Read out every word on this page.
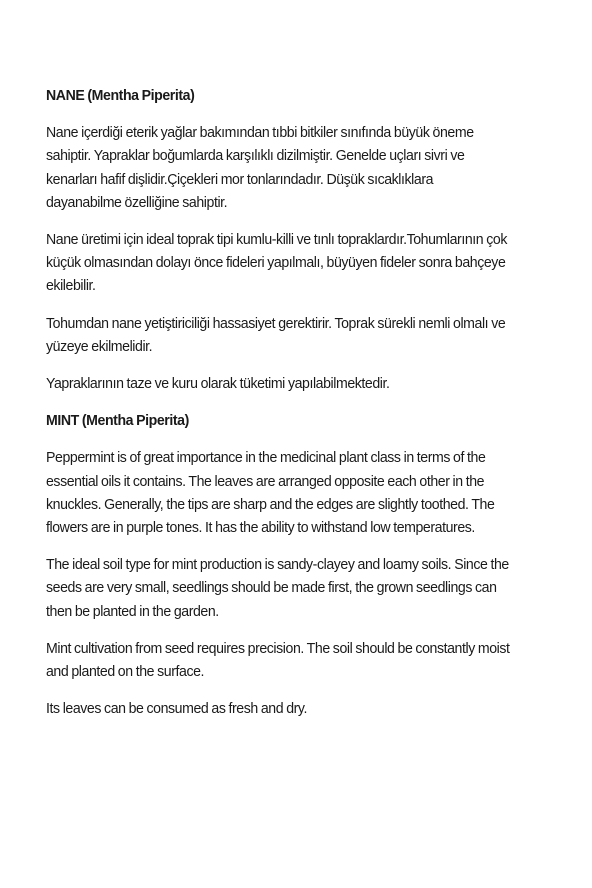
NANE (Mentha Piperita)

Nane içerdiği eterik yağlar bakımından tıbbi bitkiler sınıfında büyük öneme sahiptir. Yapraklar boğumlarda karşılıklı dizilmiştir. Genelde uçları sivri ve kenarları hafif dişlidir.Çiçekleri mor tonlarındadır. Düşük sıcaklıklara dayanabilme özelliğine sahiptir.

Nane üretimi için ideal toprak tipi kumlu-killi ve tınlı topraklardır.Tohumlarının çok küçük olmasından dolayı önce fideleri yapılmalı, büyüyen fideler sonra bahçeye ekilebilir.

Tohumdan nane yetiştiriciliği hassasiyet gerektirir. Toprak sürekli nemli olmalı ve yüzeye ekilmelidir.

Yapraklarının taze ve kuru olarak tüketimi yapılabilmektedir.

MINT (Mentha Piperita)

Peppermint is of great importance in the medicinal plant class in terms of the essential oils it contains. The leaves are arranged opposite each other in the knuckles. Generally, the tips are sharp and the edges are slightly toothed. The flowers are in purple tones. It has the ability to withstand low temperatures.

The ideal soil type for mint production is sandy-clayey and loamy soils. Since the seeds are very small, seedlings should be made first, the grown seedlings can then be planted in the garden.

Mint cultivation from seed requires precision. The soil should be constantly moist and planted on the surface.

Its leaves can be consumed as fresh and dry.
